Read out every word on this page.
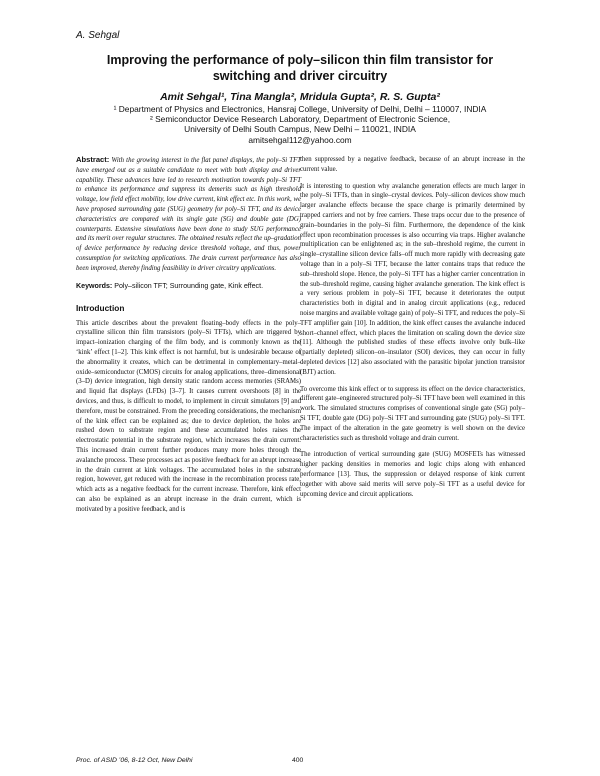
A. Sehgal
Improving the performance of poly–silicon thin film transistor for switching and driver circuitry
Amit Sehgal¹, Tina Mangla², Mridula Gupta², R. S. Gupta²
¹ Department of Physics and Electronics, Hansraj College, University of Delhi, Delhi – 110007, INDIA
² Semiconductor Device Research Laboratory, Department of Electronic Science,
University of Delhi South Campus, New Delhi – 110021, INDIA
amitsehgal112@yahoo.com

Abstract: With the growing interest in the flat panel displays, the poly–Si TFT have emerged out as a suitable candidate to meet with both display and driver capability. These advances have led to research motivation towards poly–Si TFT to enhance its performance and suppress its demerits such as high threshold voltage, low field effect mobility, low drive current, kink effect etc. In this work, we have proposed surrounding gate (SUG) geometry for poly–Si TFT, and its device characteristics are compared with its single gate (SG) and double gate (DG) counterparts. Extensive simulations have been done to study SUG performance and its merit over regular structures. The obtained results reflect the up–gradation of device performance by reducing device threshold voltage, and thus, power consumption for switching applications. The drain current performance has also been improved, thereby finding feasibility in driver circuitry applications.

Keywords: Poly–silicon TFT; Surrounding gate, Kink effect.

Introduction

This article describes about the prevalent floating–body effects in the poly–crystalline silicon thin film transistors (poly–Si TFTs), which are triggered by impact–ionization charging of the film body, and is commonly known as the ‘kink’ effect [1–2]. This kink effect is not harmful, but is undesirable because of the abnormality it creates, which can be detrimental in complementary–metal–oxide–semiconductor (CMOS) circuits for analog applications, three–dimensional (3–D) device integration, high density static random access memories (SRAMs) and liquid flat displays (LFDs) [3–7]. It causes current overshoots [8] in the devices, and thus, is difficult to model, to implement in circuit simulators [9] and therefore, must be constrained. From the preceding considerations, the mechanism of the kink effect can be explained as; due to device depletion, the holes are rushed down to substrate region and these accumulated holes raises the electrostatic potential in the substrate region, which increases the drain current. This increased drain current further produces many more holes through the avalanche process. These processes act as positive feedback for an abrupt increase in the drain current at kink voltages. The accumulated holes in the substrate region, however, get reduced with the increase in the recombination process rate, which acts as a negative feedback for the current increase. Therefore, kink effect can also be explained as an abrupt increase in the drain current, which is motivated by a positive feedback, and is

then suppressed by a negative feedback, because of an abrupt increase in the current value.

It is interesting to question why avalanche generation effects are much larger in the poly–Si TFTs, than in single–crystal devices. Poly–silicon devices show much larger avalanche effects because the space charge is primarily determined by trapped carriers and not by free carriers. These traps occur due to the presence of grain–boundaries in the poly–Si film. Furthermore, the dependence of the kink effect upon recombination processes is also occurring via traps. Higher avalanche multiplication can be enlightened as; in the sub–threshold regime, the current in single–crystalline silicon device falls–off much more rapidly with decreasing gate voltage than in a poly–Si TFT, because the latter contains traps that reduce the sub–threshold slope. Hence, the poly–Si TFT has a higher carrier concentration in the sub–threshold regime, causing higher avalanche generation. The kink effect is a very serious problem in poly–Si TFT, because it deteriorates the output characteristics both in digital and in analog circuit applications (e.g., reduced noise margins and available voltage gain) of poly–Si TFT, and reduces the poly–Si TFT amplifier gain [10]. In addition, the kink effect causes the avalanche induced short–channel effect, which places the limitation on scaling down the device size [11]. Although the published studies of these effects involve only bulk–like (partially depleted) silicon–on–insulator (SOI) devices, they can occur in fully depleted devices [12] also associated with the parasitic bipolar junction transistor (BJT) action.

To overcome this kink effect or to suppress its effect on the device characteristics, different gate–engineered structured poly–Si TFT have been well examined in this work. The simulated structures comprises of conventional single gate (SG) poly–Si TFT, double gate (DG) poly–Si TFT and surrounding gate (SUG) poly–Si TFT. The impact of the alteration in the gate geometry is well shown on the device characteristics such as threshold voltage and drain current.

The introduction of vertical surrounding gate (SUG) MOSFETs has witnessed higher packing densities in memories and logic chips along with enhanced performance [13]. Thus, the suppression or delayed response of kink current together with above said merits will serve poly–Si TFT as a useful device for upcoming device and circuit applications.

Proc. of ASID ’06, 8-12 Oct, New Delhi	400
